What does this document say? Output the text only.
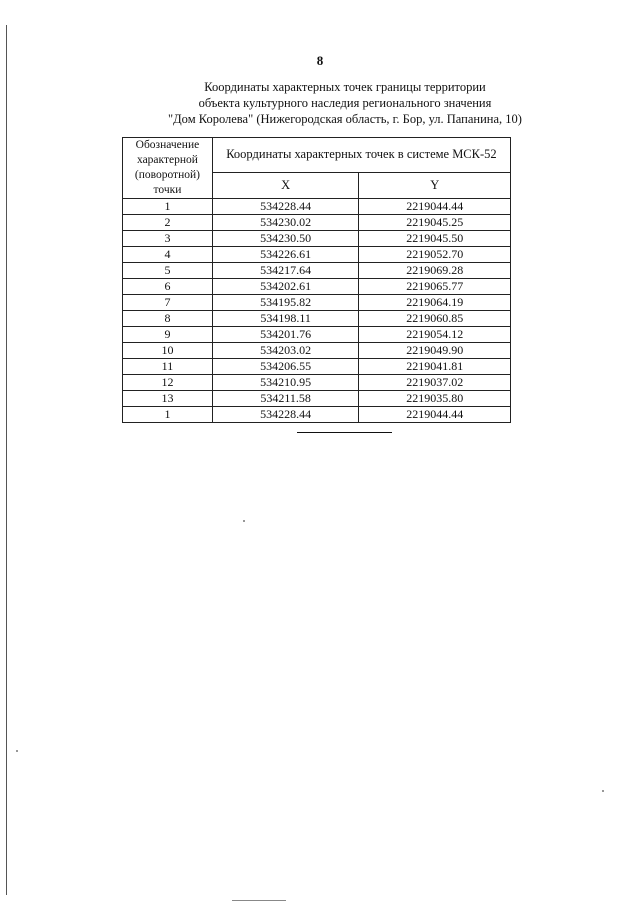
8
Координаты характерных точек границы территории
объекта культурного наследия регионального значения
"Дом Королева" (Нижегородская область, г. Бор, ул. Папанина, 10)
Обозначение характерной (поворотной) точки	Координаты характерных точек в системе МСК-52	
	X	Y
1	534228.44	2219044.44
2	534230.02	2219045.25
3	534230.50	2219045.50
4	534226.61	2219052.70
5	534217.64	2219069.28
6	534202.61	2219065.77
7	534195.82	2219064.19
8	534198.11	2219060.85
9	534201.76	2219054.12
10	534203.02	2219049.90
11	534206.55	2219041.81
12	534210.95	2219037.02
13	534211.58	2219035.80
1	534228.44	2219044.44
